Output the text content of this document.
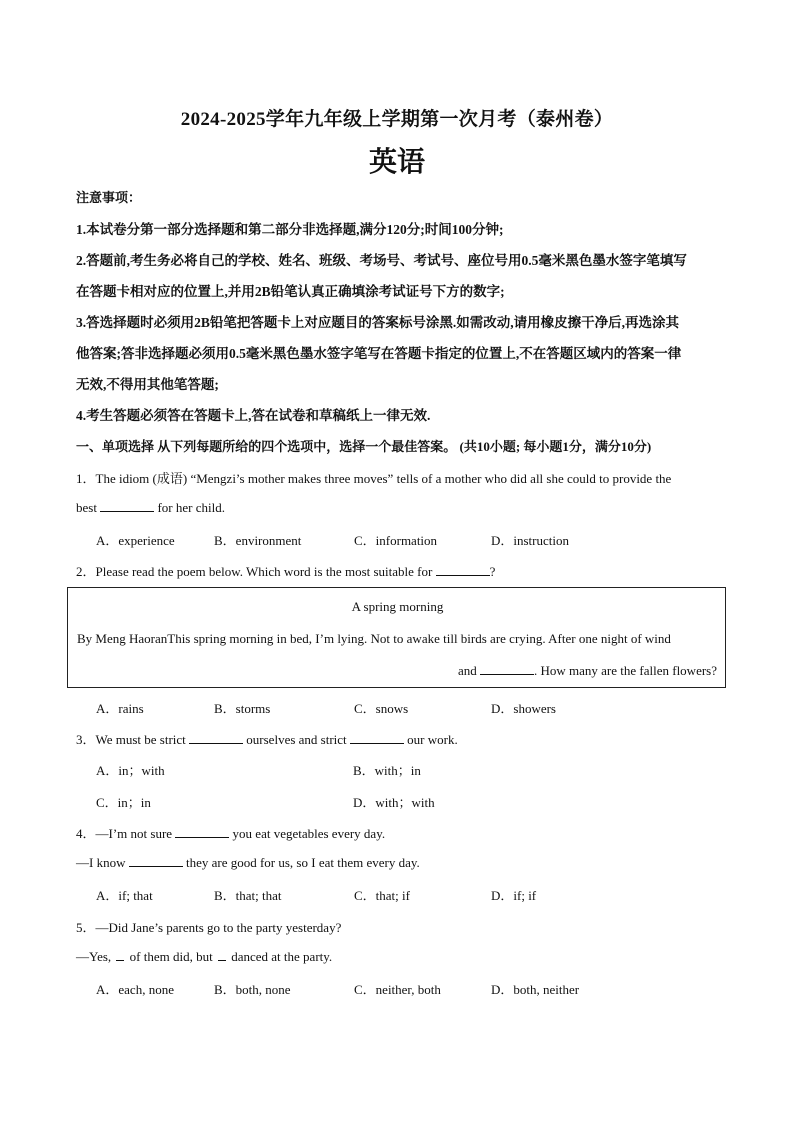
2024-2025学年九年级上学期第一次月考（泰州卷）
英语
注意事项：
1.本试卷分第一部分选择题和第二部分非选择题,满分120分;时间100分钟;
2.答题前,考生务必将自己的学校、姓名、班级、考场号、考试号、座位号用0.5毫米黑色墨水签字笔填写
在答题卡相对应的位置上,并用2B铅笔认真正确填涂考试证号下方的数字;
3.答选择题时必须用2B铅笔把答题卡上对应题目的答案标号涂黑.如需改动,请用橡皮擦干净后,再选涂其
他答案;答非选择题必须用0.5毫米黑色墨水签字笔写在答题卡指定的位置上,不在答题区域内的答案一律
无效,不得用其他笔答题;
4.考生答题必须答在答题卡上,答在试卷和草稿纸上一律无效.
一、单项选择 从下列每题所给的四个选项中，选择一个最佳答案。 (共10小题; 每小题1分，满分10分)
1．The idiom (成语) “Mengzi’s mother makes three moves” tells of a mother who did all she could to provide the
best	for her child.
A．experience	B．environment	C．information	D．instruction
2．Please read the poem below. Which word is the most suitable for	?
A spring morning
By Meng HaoranThis spring morning in bed, I’m lying. Not to awake till birds are crying. After one night of wind
and	. How many are the fallen flowers?
A．rains	B．storms	C．snows	D．showers
3．We must be strict	ourselves and strict	our work.
A．in；with	B．with；in
C．in；in	D．with；with
4．—I’m not sure	you eat vegetables every day.
—I know	they are good for us, so I eat them every day.
A．if; that	B．that; that	C．that; if	D．if; if
5．—Did Jane’s parents go to the party yesterday?
—Yes,  of them did, but  danced at the party.
A．each, none	B．both, none	C．neither, both	D．both, neither
